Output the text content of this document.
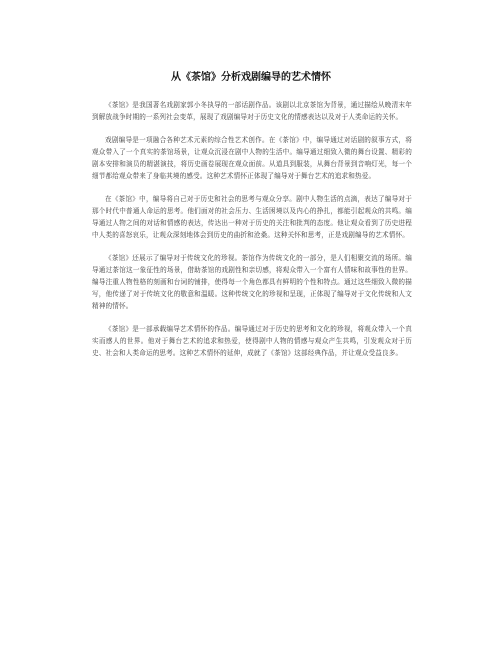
从《茶馆》分析戏剧编导的艺术情怀

《茶馆》是我国著名戏剧家郭小冬执导的一部话剧作品。该剧以北京茶馆为背景，通过描绘从晚清末年到解放战争时期的一系列社会变革，展现了戏剧编导对于历史文化的情感表达以及对于人类命运的关怀。

戏剧编导是一项融合各种艺术元素的综合性艺术创作。在《茶馆》中，编导通过对话剧的叙事方式，将观众带入了一个真实的茶馆场景，让观众沉浸在剧中人物的生活中。编导通过细致入微的舞台设置、精彩的剧本安排和演员的精湛演技，将历史画卷展现在观众面前。从道具到服装，从舞台背景到音响灯光，每一个细节都给观众带来了身临其境的感受。这种艺术情怀正体现了编导对于舞台艺术的追求和热爱。

在《茶馆》中，编导将自己对于历史和社会的思考与观众分享。剧中人物生活的点滴，表达了编导对于那个时代中普通人命运的思考。他们面对的社会压力、生活困境以及内心的挣扎，都能引起观众的共鸣。编导通过人物之间的对话和情感的表达，传达出一种对于历史的关注和批判的态度。他让观众看到了历史进程中人类的喜怒哀乐，让观众深刻地体会到历史的曲折和沧桑。这种关怀和思考，正是戏剧编导的艺术情怀。

《茶馆》还展示了编导对于传统文化的珍视。茶馆作为传统文化的一部分，是人们相聚交流的场所。编导通过茶馆这一象征性的场景，借助茶馆的戏剧性和亲切感，将观众带入一个富有人情味和故事性的世界。编导注重人物性格的刻画和台词的铺排，使得每一个角色都具有鲜明的个性和特点。通过这些细致入微的描写，他传递了对于传统文化的敬意和温暖。这种传统文化的珍视和呈现，正体现了编导对于文化传统和人文精神的情怀。

《茶馆》是一部承载编导艺术情怀的作品。编导通过对于历史的思考和文化的珍视，将观众带入一个真实而感人的世界。他对于舞台艺术的追求和热爱，使得剧中人物的情感与观众产生共鸣，引发观众对于历史、社会和人类命运的思考。这种艺术情怀的延伸，成就了《茶馆》这部经典作品，并让观众受益良多。
